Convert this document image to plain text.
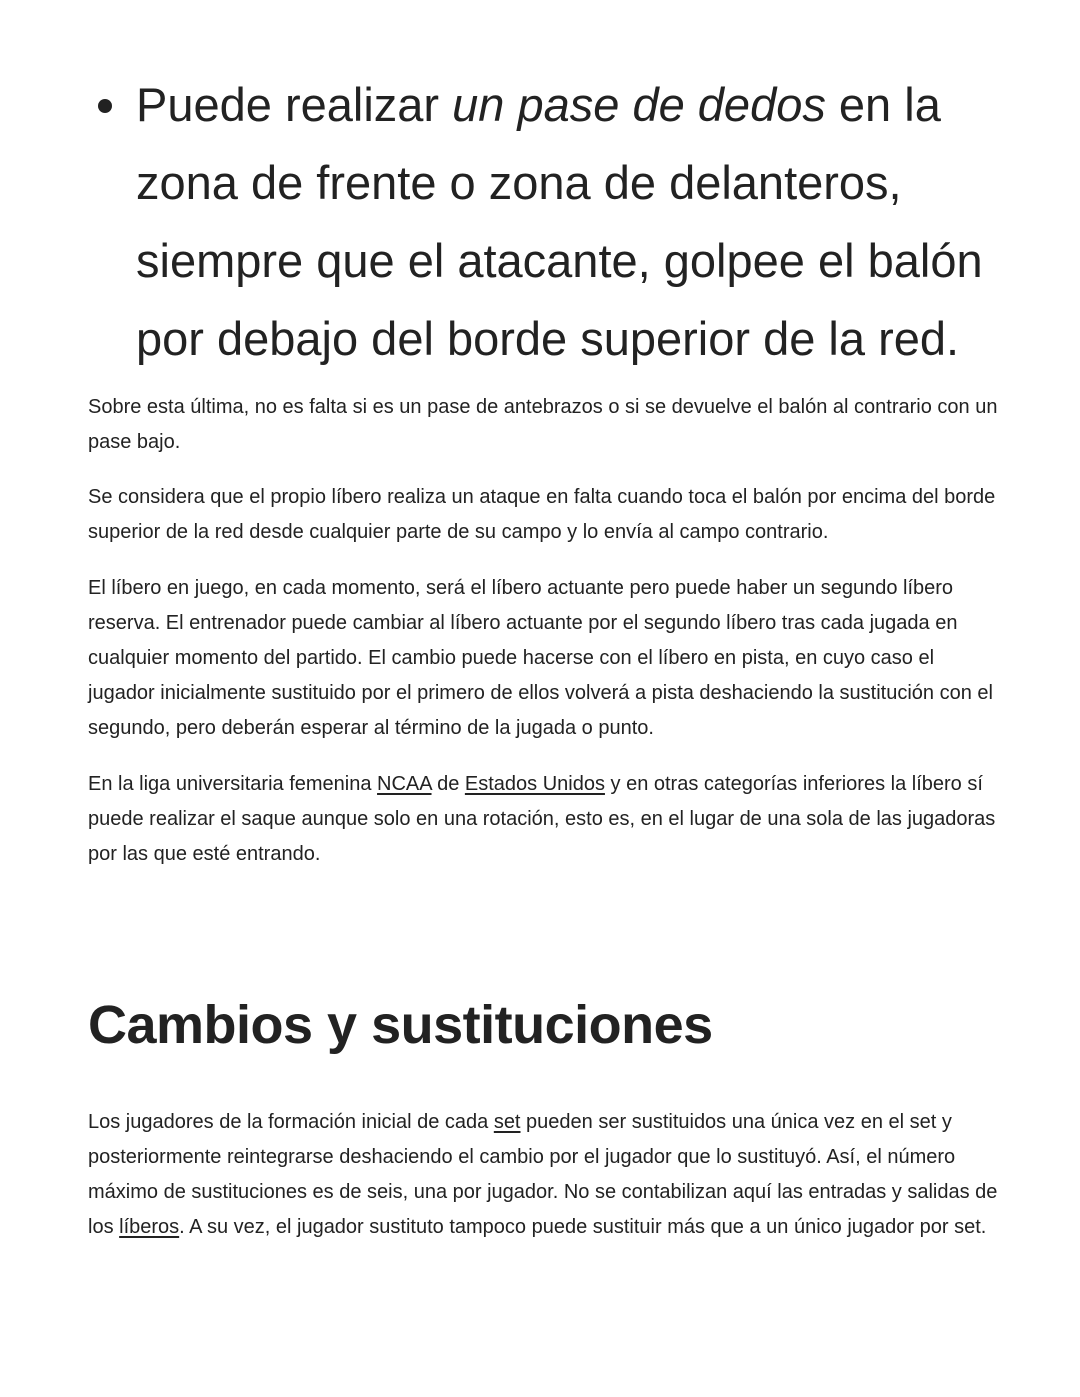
Puede realizar un pase de dedos en la zona de frente o zona de delanteros, siempre que el atacante, golpee el balón por debajo del borde superior de la red.

Sobre esta última, no es falta si es un pase de antebrazos o si se devuelve el balón al contrario con un pase bajo.

Se considera que el propio líbero realiza un ataque en falta cuando toca el balón por encima del borde superior de la red desde cualquier parte de su campo y lo envía al campo contrario.

El líbero en juego, en cada momento, será el líbero actuante pero puede haber un segundo líbero reserva. El entrenador puede cambiar al líbero actuante por el segundo líbero tras cada jugada en cualquier momento del partido. El cambio puede hacerse con el líbero en pista, en cuyo caso el jugador inicialmente sustituido por el primero de ellos volverá a pista deshaciendo la sustitución con el segundo, pero deberán esperar al término de la jugada o punto.

En la liga universitaria femenina NCAA de Estados Unidos y en otras categorías inferiores la líbero sí puede realizar el saque aunque solo en una rotación, esto es, en el lugar de una sola de las jugadoras por las que esté entrando.

Cambios y sustituciones

Los jugadores de la formación inicial de cada set pueden ser sustituidos una única vez en el set y posteriormente reintegrarse deshaciendo el cambio por el jugador que lo sustituyó. Así, el número máximo de sustituciones es de seis, una por jugador. No se contabilizan aquí las entradas y salidas de los líberos. A su vez, el jugador sustituto tampoco puede sustituir más que a un único jugador por set.
